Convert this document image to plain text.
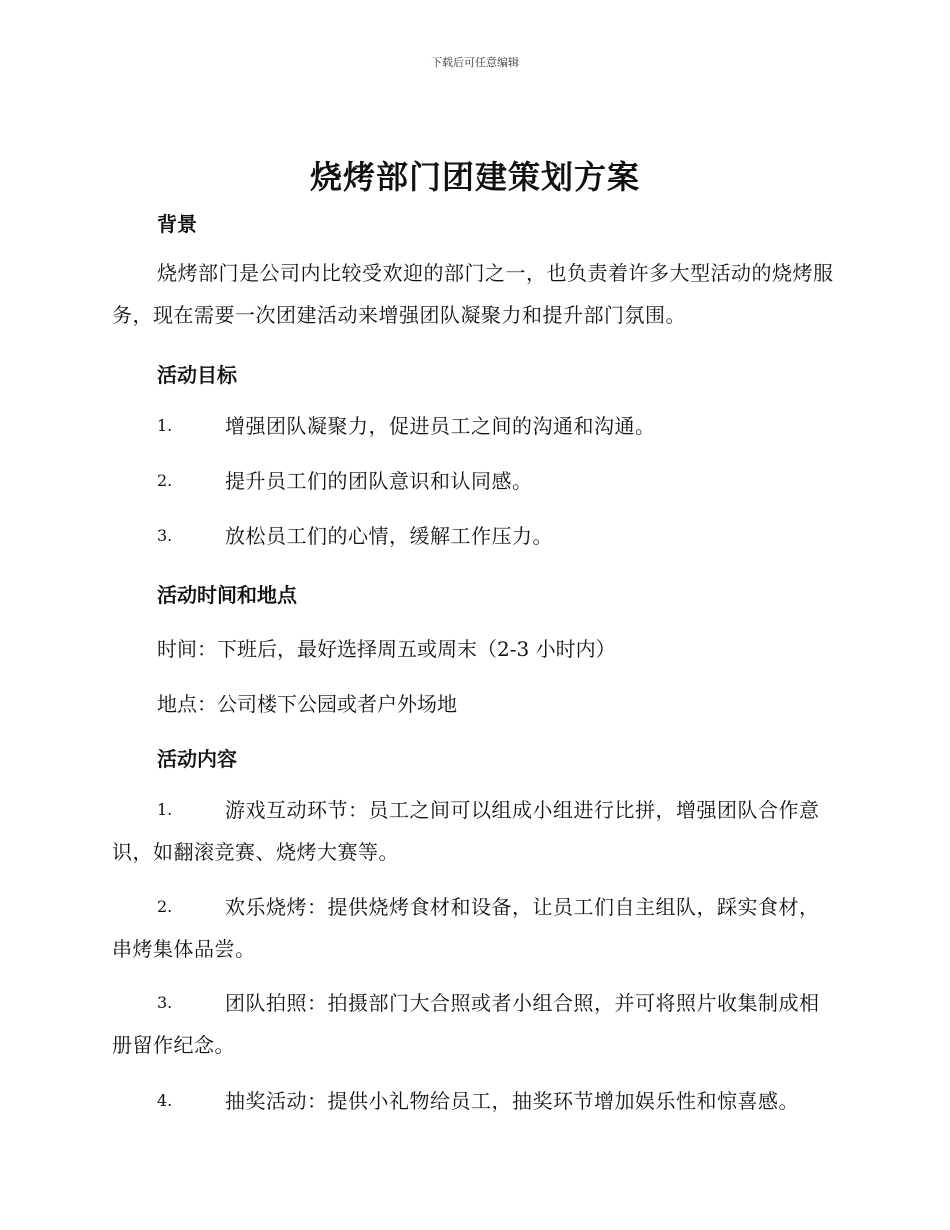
下载后可任意编辑
烧烤部门团建策划方案
背景
烧烤部门是公司内比较受欢迎的部门之一，也负责着许多大型活动的烧烤服务，现在需要一次团建活动来增强团队凝聚力和提升部门氛围。
活动目标
1.	增强团队凝聚力，促进员工之间的沟通和沟通。
2.	提升员工们的团队意识和认同感。
3.	放松员工们的心情，缓解工作压力。
活动时间和地点
时间：下班后，最好选择周五或周末（2-3 小时内）
地点：公司楼下公园或者户外场地
活动内容
1.	游戏互动环节：员工之间可以组成小组进行比拼，增强团队合作意识，如翻滚竞赛、烧烤大赛等。
2.	欢乐烧烤：提供烧烤食材和设备，让员工们自主组队，踩实食材，串烤集体品尝。
3.	团队拍照：拍摄部门大合照或者小组合照，并可将照片收集制成相册留作纪念。
4.	抽奖活动：提供小礼物给员工，抽奖环节增加娱乐性和惊喜感。
